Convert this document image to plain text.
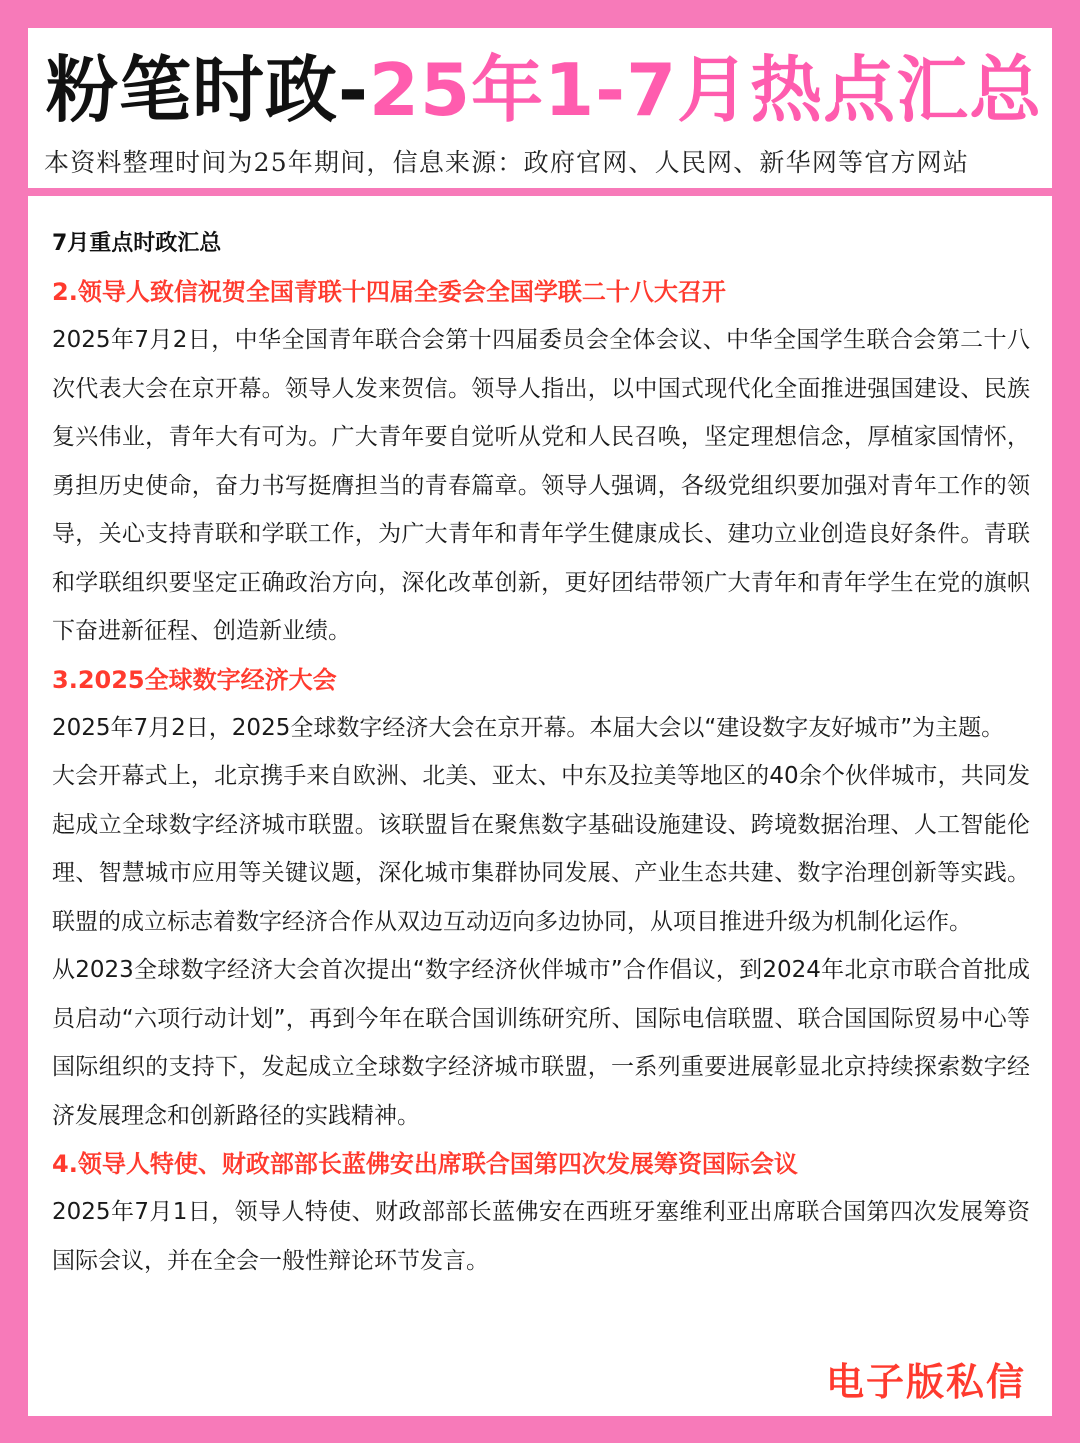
粉笔时政-25年1-7月热点汇总
本资料整理时间为25年期间，信息来源：政府官网、人民网、新华网等官方网站
7月重点时政汇总
2.领导人致信祝贺全国青联十四届全委会全国学联二十八大召开

2025年7月2日，中华全国青年联合会第十四届委员会全体会议、中华全国学生联合会第二十八次代表大会在京开幕。领导人发来贺信。领导人指出，以中国式现代化全面推进强国建设、民族复兴伟业，青年大有可为。广大青年要自觉听从党和人民召唤，坚定理想信念，厚植家国情怀，勇担历史使命，奋力书写挺膺担当的青春篇章。领导人强调，各级党组织要加强对青年工作的领导，关心支持青联和学联工作，为广大青年和青年学生健康成长、建功立业创造良好条件。青联和学联组织要坚定正确政治方向，深化改革创新，更好团结带领广大青年和青年学生在党的旗帜下奋进新征程、创造新业绩。

3.2025全球数字经济大会

2025年7月2日，2025全球数字经济大会在京开幕。本届大会以“建设数字友好城市”为主题。

大会开幕式上，北京携手来自欧洲、北美、亚太、中东及拉美等地区的40余个伙伴城市，共同发起成立全球数字经济城市联盟。该联盟旨在聚焦数字基础设施建设、跨境数据治理、人工智能伦理、智慧城市应用等关键议题，深化城市集群协同发展、产业生态共建、数字治理创新等实践。联盟的成立标志着数字经济合作从双边互动迈向多边协同，从项目推进升级为机制化运作。

从2023全球数字经济大会首次提出“数字经济伙伴城市”合作倡议，到2024年北京市联合首批成员启动“六项行动计划”，再到今年在联合国训练研究所、国际电信联盟、联合国国际贸易中心等国际组织的支持下，发起成立全球数字经济城市联盟，一系列重要进展彰显北京持续探索数字经济发展理念和创新路径的实践精神。

4.领导人特使、财政部部长蓝佛安出席联合国第四次发展筹资国际会议

2025年7月1日，领导人特使、财政部部长蓝佛安在西班牙塞维利亚出席联合国第四次发展筹资国际会议，并在全会一般性辩论环节发言。

电子版私信
